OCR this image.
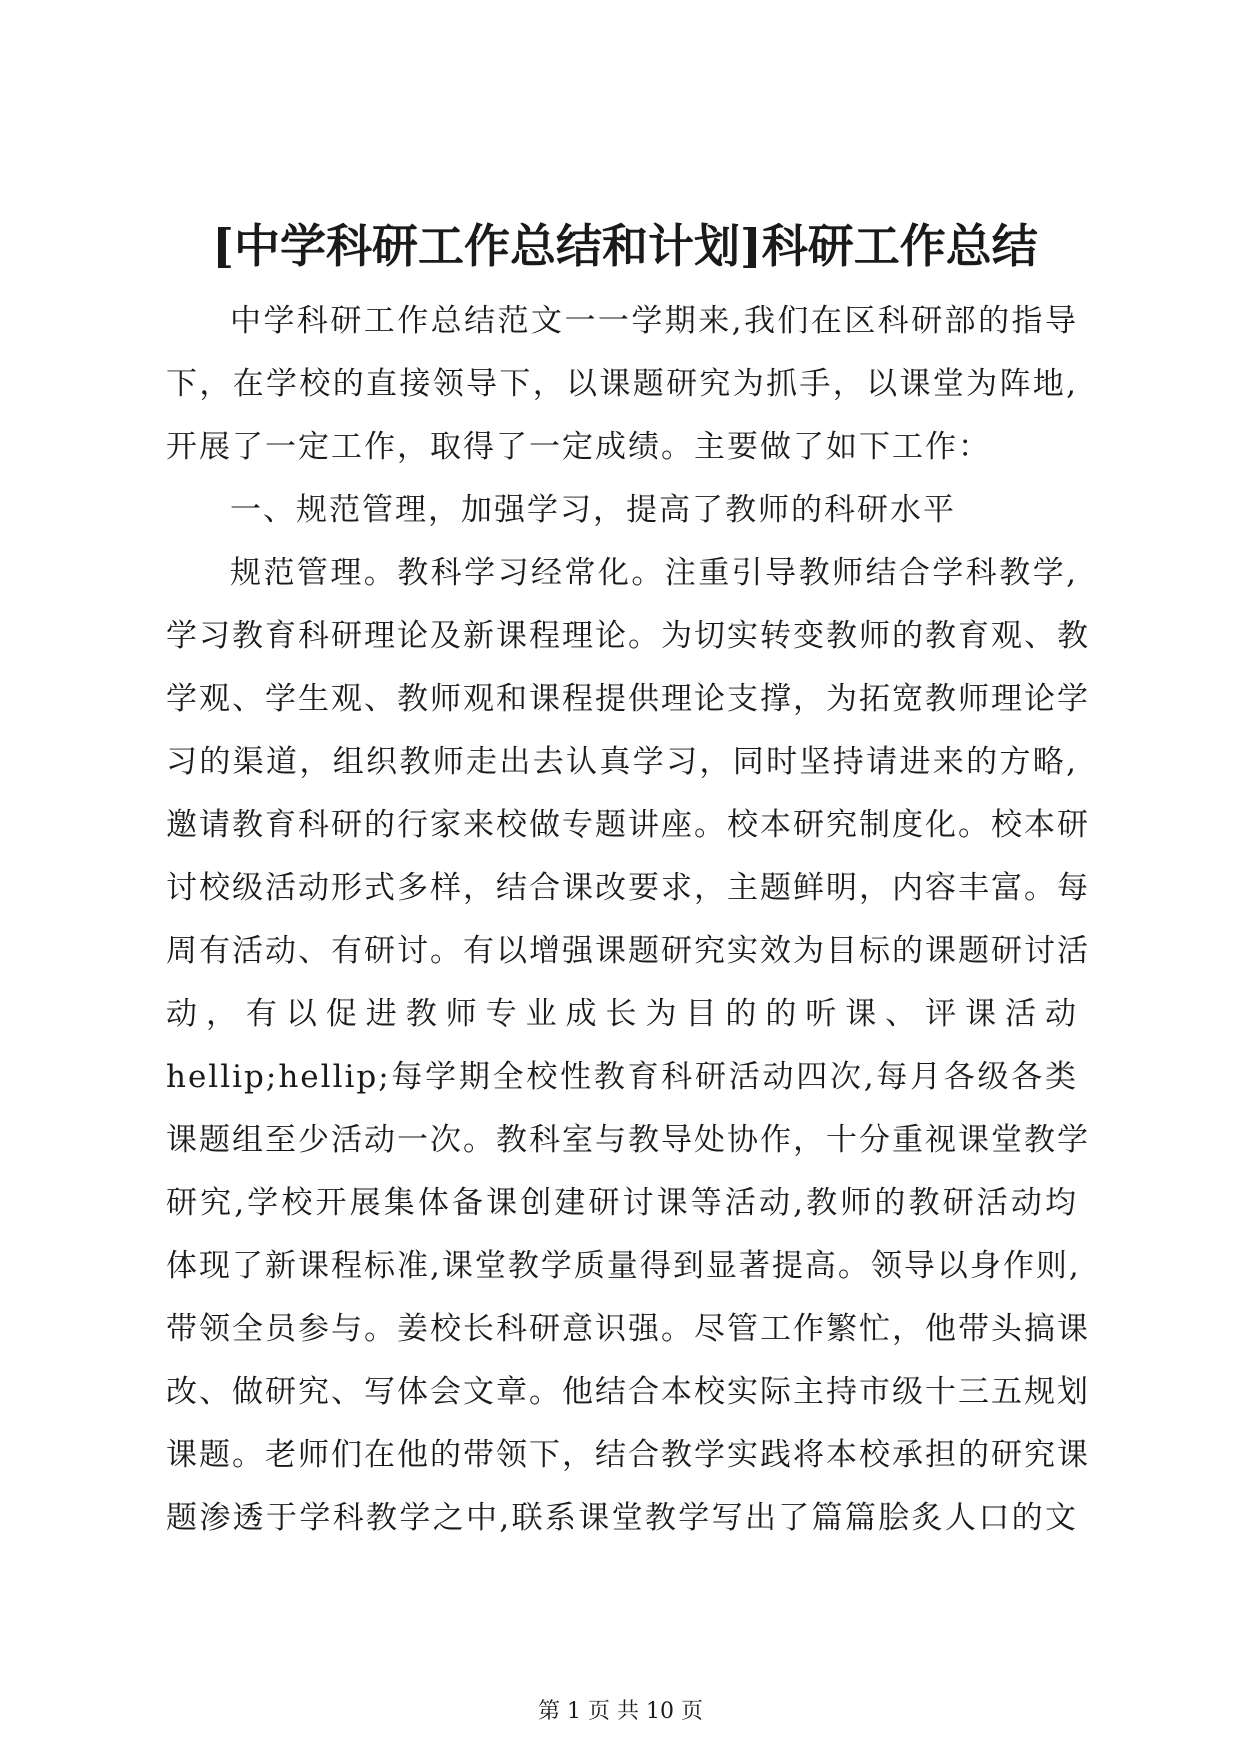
[中学科研工作总结和计划]科研工作总结
中学科研工作总结范文一一学期来,我们在区科研部的指导
下，在学校的直接领导下，以课题研究为抓手，以课堂为阵地,
开展了一定工作，取得了一定成绩。主要做了如下工作：
一、规范管理，加强学习，提高了教师的科研水平
规范管理。教科学习经常化。注重引导教师结合学科教学,
学习教育科研理论及新课程理论。为切实转变教师的教育观、教
学观、学生观、教师观和课程提供理论支撑，为拓宽教师理论学
习的渠道，组织教师走出去认真学习，同时坚持请进来的方略,
邀请教育科研的行家来校做专题讲座。校本研究制度化。校本研
讨校级活动形式多样，结合课改要求，主题鲜明，内容丰富。每
周有活动、有研讨。有以增强课题研究实效为目标的课题研讨活
动，有以促进教师专业成长为目的的听课、评课活动
hellip;hellip;每学期全校性教育科研活动四次,每月各级各类
课题组至少活动一次。教科室与教导处协作，十分重视课堂教学
研究,学校开展集体备课创建研讨课等活动,教师的教研活动均
体现了新课程标准,课堂教学质量得到显著提高。领导以身作则,
带领全员参与。姜校长科研意识强。尽管工作繁忙，他带头搞课
改、做研究、写体会文章。他结合本校实际主持市级十三五规划
课题。老师们在他的带领下，结合教学实践将本校承担的研究课
题渗透于学科教学之中,联系课堂教学写出了篇篇脍炙人口的文
第 1 页 共 10 页
